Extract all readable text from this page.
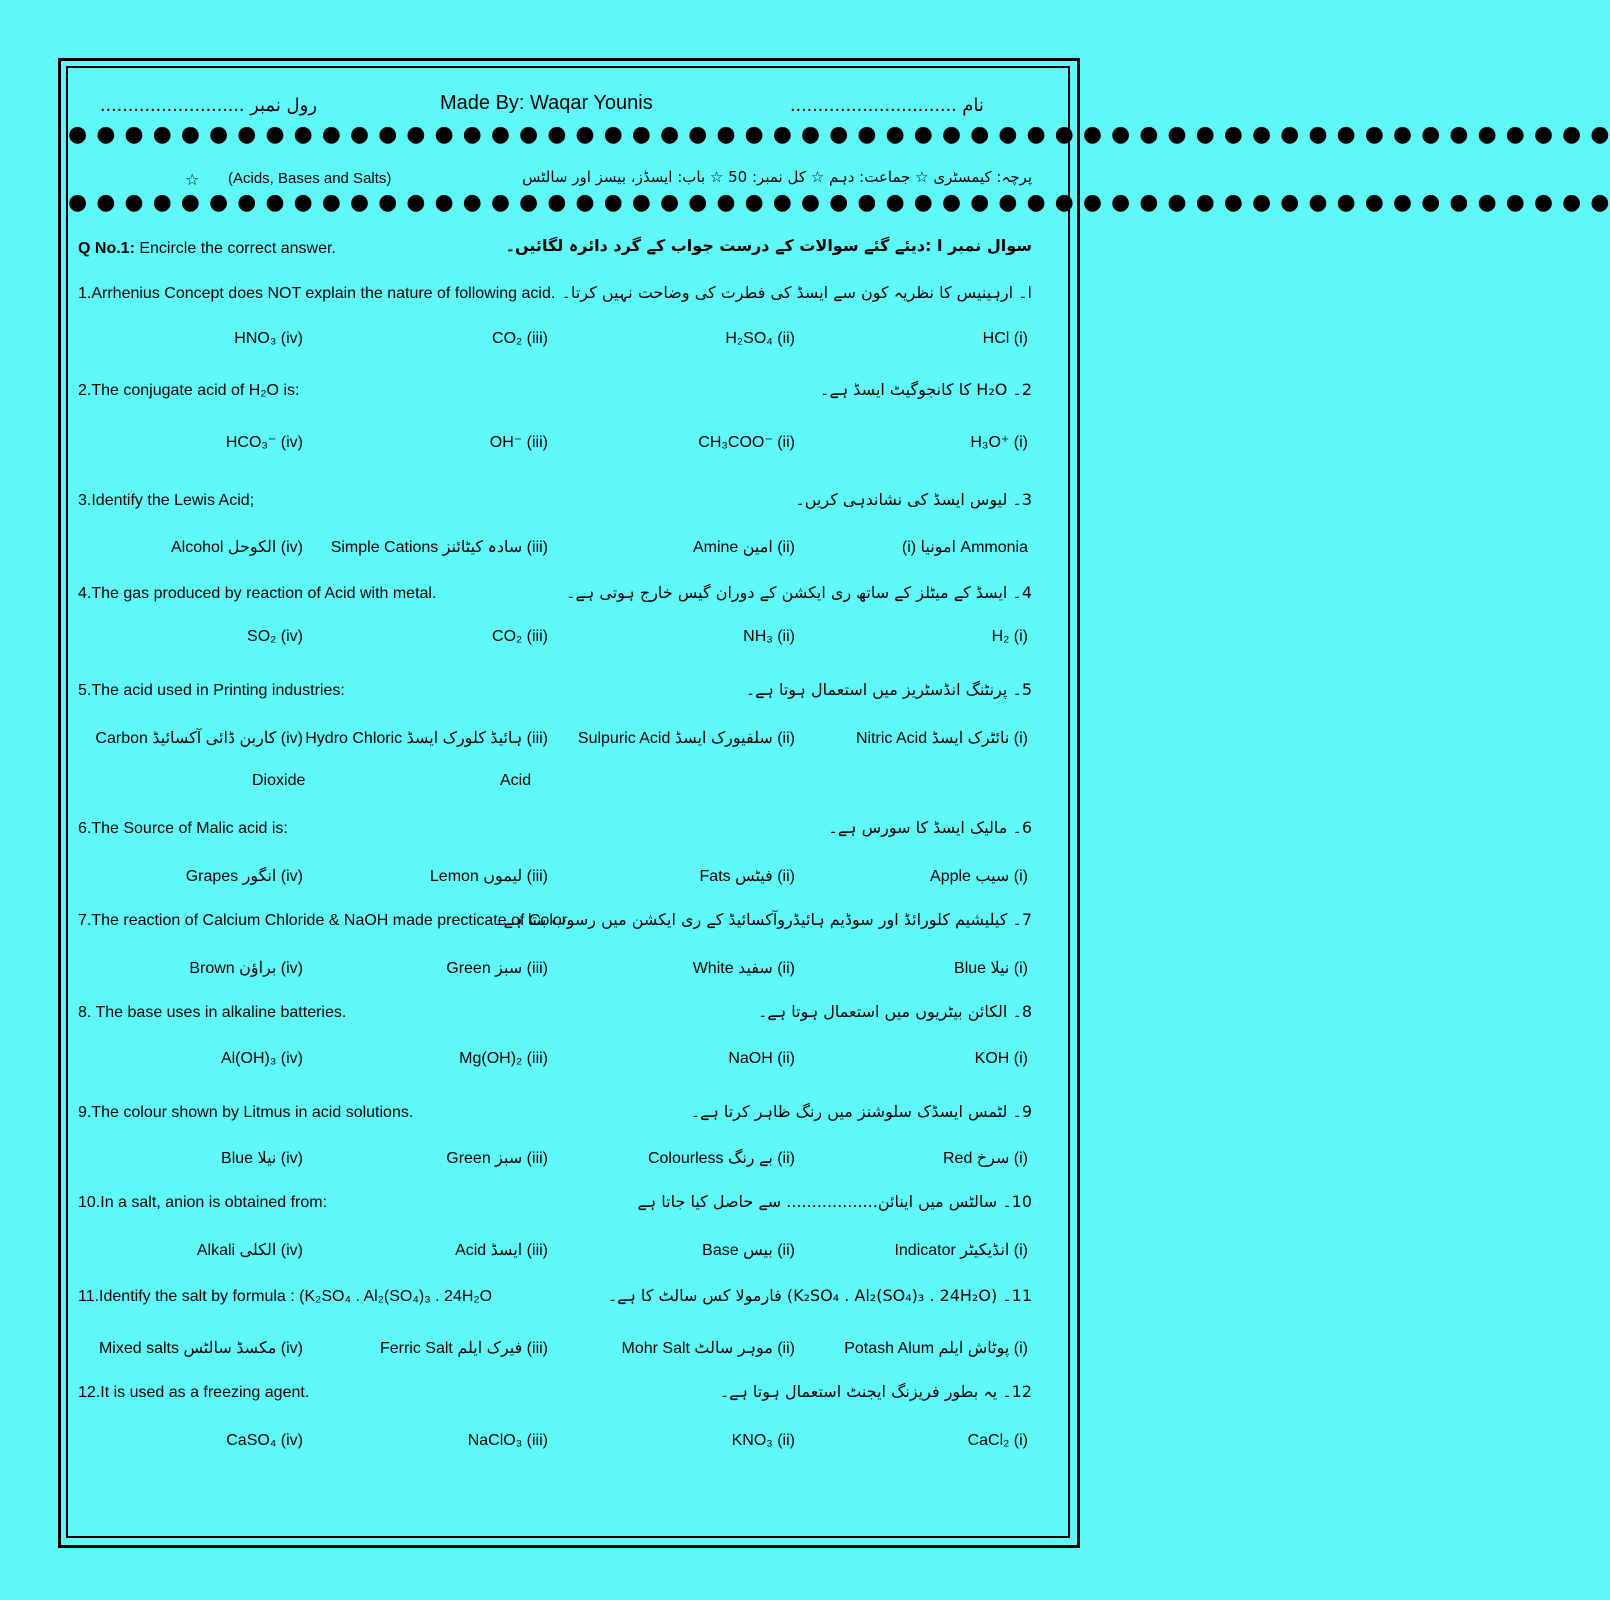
.......................... رول نمبر	Made By: Waqar Younis	.............................. نام
● ● ● ● ● ● ● ● ● ● ● ● ● ● ● ● ● ● ● ● ● ● ● ● ● ● ● ● ● ● ● ● ● ● ● ● ● ● ● ● ● ● ● ● ● ● ● ● ● ● ● ● ● ● ●
☆ (Acids, Bases and Salts)	پرچہ: کیمسٹری ☆ جماعت: دہم ☆ کل نمبر: 50 ☆ باب: ایسڈز، بیسز اور سالٹس
● ● ● ● ● ● ● ● ● ● ● ● ● ● ● ● ● ● ● ● ● ● ● ● ● ● ● ● ● ● ● ● ● ● ● ● ● ● ● ● ● ● ● ● ● ● ● ● ● ● ● ● ● ● ●
Q No.1: Encircle the correct answer.	سوال نمبر ا :دیئے گئے سوالات کے درست جواب کے گرد دائرہ لگائیں۔
1.Arrhenius Concept does NOT explain the nature of following acid. ا۔ ارہینیس کا نظریہ کون سے ایسڈ کی فطرت کی وضاحت نہیں کرتا۔
HCl (i)
H₂SO₄ (ii)
CO₂ (iii)
HNO₃ (iv)
2.The conjugate acid of H₂O is:	2۔ H₂O کا کانجوگیٹ ایسڈ ہے۔
H₃O⁺ (i)
CH₃COO⁻ (ii)
OH⁻ (iii)
HCO₃⁻ (iv)
3.Identify the Lewis Acid;	3۔ لیوس ایسڈ کی نشاندہی کریں۔
(i) امونیا Ammonia
Amine امین (ii)
Simple Cations سادہ کیٹائنز (iii)
Alcohol الکوحل (iv)
4.The gas produced by reaction of Acid with metal.	4۔ ایسڈ کے میٹلز کے ساتھ ری ایکشن کے دوران گیس خارج ہوتی ہے۔
H₂ (i)
NH₃ (ii)
CO₂ (iii)
SO₂ (iv)
5.The acid used in Printing industries:	5۔ پرنٹنگ انڈسٹریز میں استعمال ہوتا ہے۔
Nitric Acid نائٹرک ایسڈ (i)
Sulpuric Acid سلفیورک ایسڈ (ii)
Hydro Chloric ہائیڈ کلورک ایسڈ (iii)
Carbon کاربن ڈائی آکسائیڈ (iv)
Acid
Dioxide
6.The Source of Malic acid is:	6۔ مالیک ایسڈ کا سورس ہے۔
Apple سیب (i)
Fats فیٹس (ii)
Lemon لیموں (iii)
Grapes انگور (iv)
7.The reaction of Calcium Chloride & NaOH made precticate of Color.
7۔ کیلیشیم کلورائڈ اور سوڈیم ہائیڈروآکسائیڈ کے ری ایکشن میں رسوب بنتا ہے۔
Blue نیلا (i)
White سفید (ii)
Green سبز (iii)
Brown براؤن (iv)
8. The base uses in alkaline batteries.	8۔ الکائن بیٹریوں میں استعمال ہوتا ہے۔
KOH (i)
NaOH (ii)
Mg(OH)₂ (iii)
Al(OH)₃ (iv)
9.The colour shown by Litmus in acid solutions.	9۔ لٹمس ایسڈک سلوشنز میں رنگ ظاہر کرتا ہے۔
Red سرخ (i)
Colourless بے رنگ (ii)
Green سبز (iii)
Blue نیلا (iv)
10.In a salt, anion is obtained from:	10۔ سالٹس میں اینائن.................. سے حاصل کیا جاتا ہے
Indicator انڈیکیٹر (i)
Base بیس (ii)
Acid ایسڈ (iii)
Alkali الکلی (iv)
11.Identify the salt by formula : (K₂SO₄ . Al₂(SO₄)₃ . 24H₂O	11۔ (K₂SO₄ . Al₂(SO₄)₃ . 24H₂O) فارمولا کس سالٹ کا ہے۔
Potash Alum پوٹاش ایلم (i)
Mohr Salt موہر سالٹ (ii)
Ferric Salt فیرک ایلم (iii)
Mixed salts مکسڈ سالٹس (iv)
12.It is used as a freezing agent.	12۔ یہ بطور فریزنگ ایجنٹ استعمال ہوتا ہے۔
CaCl₂ (i)
KNO₃ (ii)
NaClO₃ (iii)
CaSO₄ (iv)
